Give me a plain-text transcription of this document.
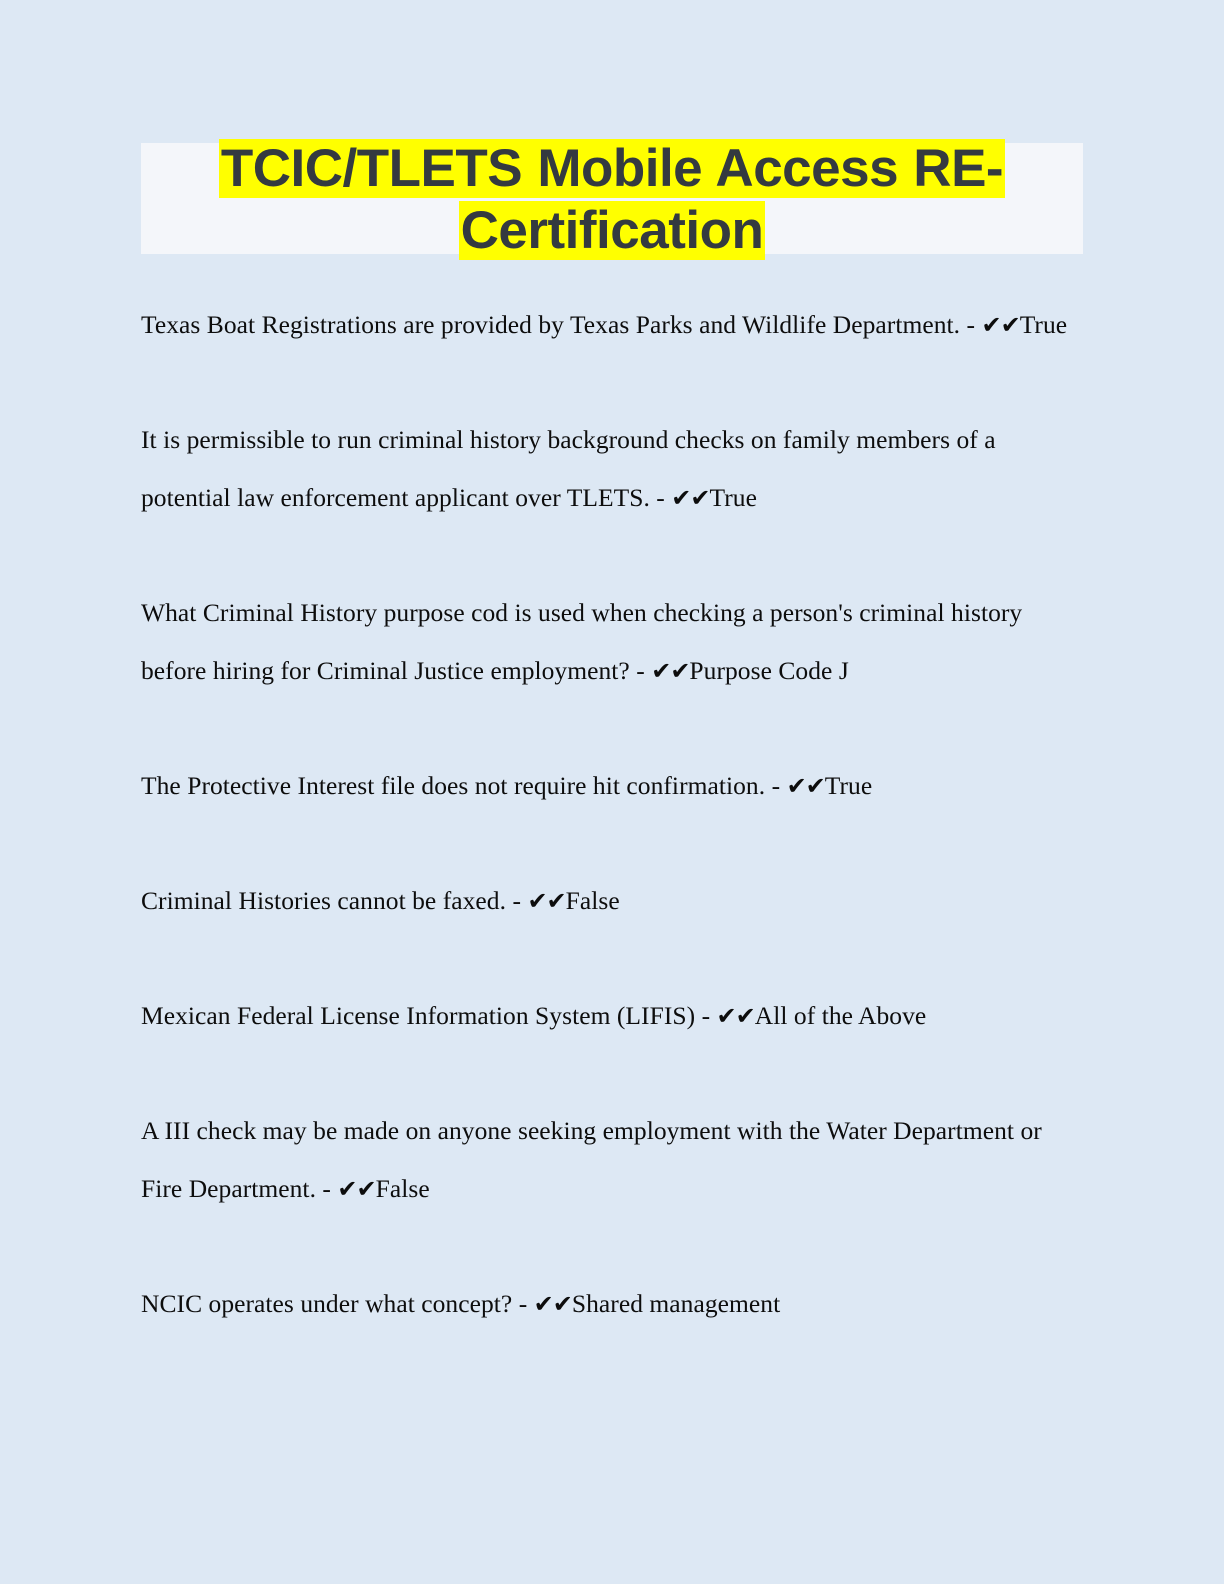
TCIC/TLETS Mobile Access RE-
Certification

Texas Boat Registrations are provided by Texas Parks and Wildlife Department. - ✔✔True

It is permissible to run criminal history background checks on family members of a potential law enforcement applicant over TLETS. - ✔✔True

What Criminal History purpose cod is used when checking a person's criminal history before hiring for Criminal Justice employment? - ✔✔Purpose Code J

The Protective Interest file does not require hit confirmation. - ✔✔True

Criminal Histories cannot be faxed. - ✔✔False

Mexican Federal License Information System (LIFIS) - ✔✔All of the Above

A III check may be made on anyone seeking employment with the Water Department or Fire Department. - ✔✔False

NCIC operates under what concept? - ✔✔Shared management
